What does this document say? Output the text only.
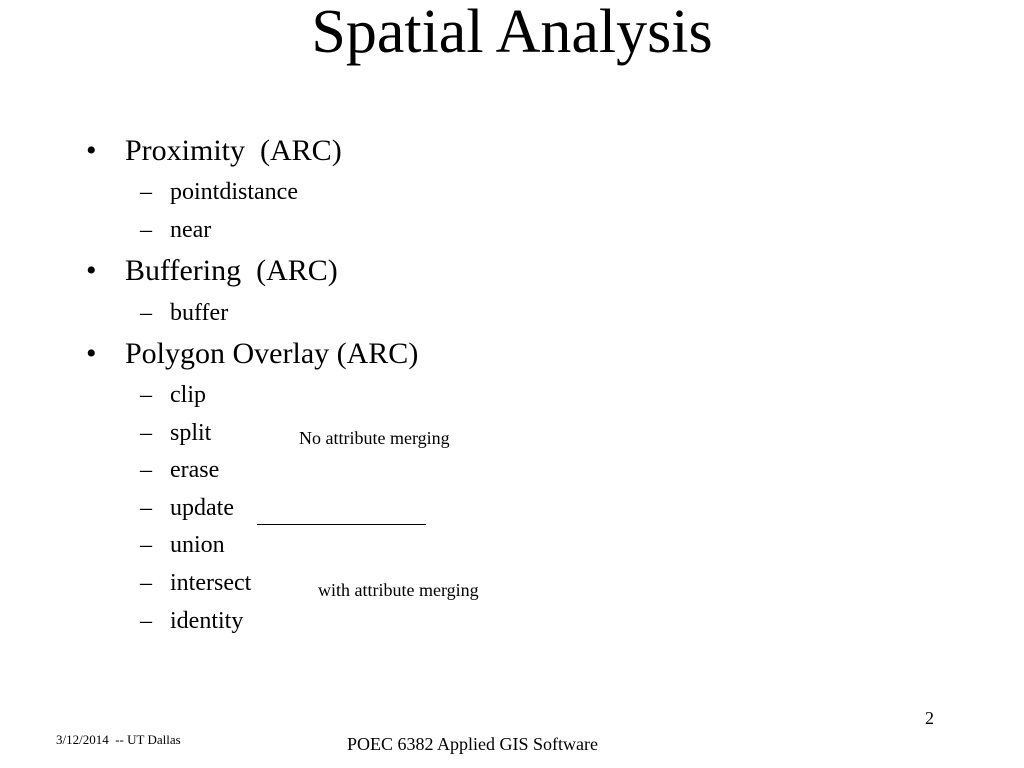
Spatial Analysis
• Proximity  (ARC)
– pointdistance
– near
• Buffering  (ARC)
– buffer
• Polygon Overlay (ARC)
– clip
– split
– erase
– update
– union
– intersect
– identity
No attribute merging
with attribute merging
2
3/12/2014  -- UT Dallas	POEC 6382 Applied GIS Software
